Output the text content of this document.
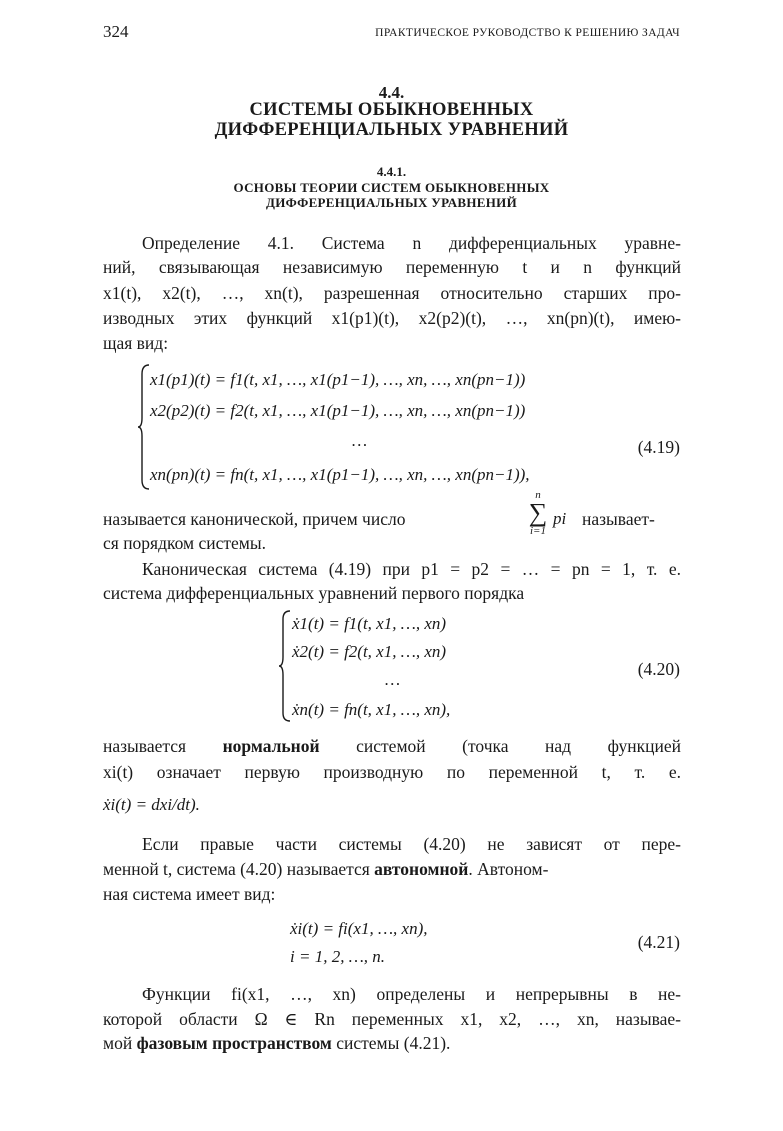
324	ПРАКТИЧЕСКОЕ РУКОВОДСТВО К РЕШЕНИЮ ЗАДАЧ
4.4.
СИСТЕМЫ ОБЫКНОВЕННЫХ
ДИФФЕРЕНЦИАЛЬНЫХ УРАВНЕНИЙ
4.4.1.
ОСНОВЫ ТЕОРИИ СИСТЕМ ОБЫКНОВЕННЫХ
ДИФФЕРЕНЦИАЛЬНЫХ УРАВНЕНИЙ
Определение 4.1. Система n дифференциальных уравне-
ний, связывающая независимую переменную t и n функций
x1(t), x2(t), …, xn(t), разрешенная относительно старших про-
изводных этих функций x1(p1)(t), x2(p2)(t), …, xn(pn)(t), имею-
щая вид:
x1(p1)(t) = f1(t, x1, …, x1(p1−1), …, xn, …, xn(pn−1))
x2(p2)(t) = f2(t, x1, …, x1(p1−1), …, xn, …, xn(pn−1))
…
xn(pn)(t) = fn(t, x1, …, x1(p1−1), …, xn, …, xn(pn−1)),
(4.19)
называется канонической, причем число
n
∑
i=1
pi называет-
ся порядком системы.
Каноническая система (4.19) при p1 = p2 = … = pn = 1, т. е.
система дифференциальных уравнений первого порядка
ẋ1(t) = f1(t, x1, …, xn)
ẋ2(t) = f2(t, x1, …, xn)
…
ẋn(t) = fn(t, x1, …, xn),
(4.20)
называется нормальной системой (точка над функцией
xi(t) означает первую производную по переменной t, т. е.
ẋi(t) = dxi/dt).
Если правые части системы (4.20) не зависят от пере-
менной t, система (4.20) называется автономной. Автоном-
ная система имеет вид:
ẋi(t) = fi(x1, …, xn),
i = 1, 2, …, n.
(4.21)
Функции fi(x1, …, xn) определены и непрерывны в не-
которой области Ω ∈ Rn переменных x1, x2, …, xn, называе-
мой фазовым пространством системы (4.21).
